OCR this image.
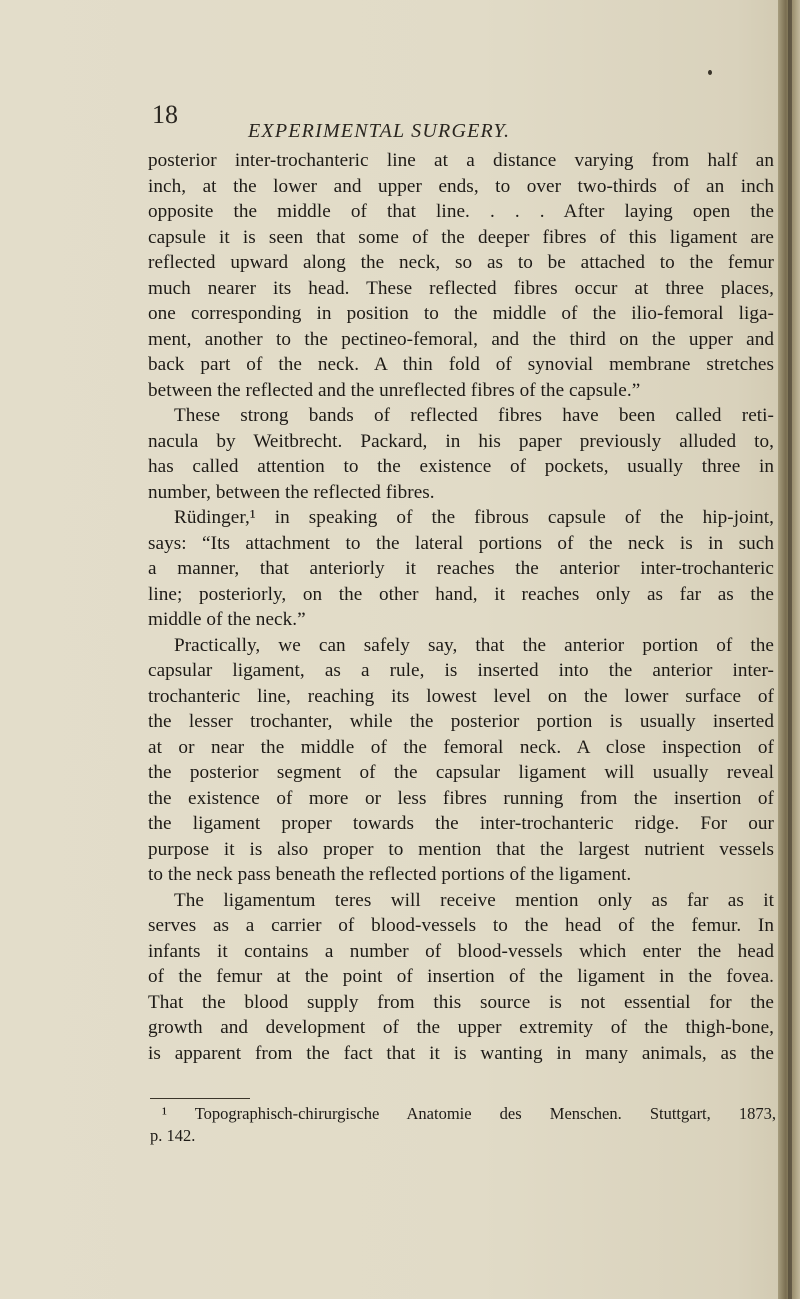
18
EXPERIMENTAL SURGERY.
posterior inter-trochanteric line at a distance varying from half an
inch, at the lower and upper ends, to over two-thirds of an inch
opposite the middle of that line. . . . After laying open the
capsule it is seen that some of the deeper fibres of this ligament are
reflected upward along the neck, so as to be attached to the femur
much nearer its head. These reflected fibres occur at three places,
one corresponding in position to the middle of the ilio-femoral liga-
ment, another to the pectineo-femoral, and the third on the upper and
back part of the neck. A thin fold of synovial membrane stretches
between the reflected and the unreflected fibres of the capsule.”
These strong bands of reflected fibres have been called reti-
nacula by Weitbrecht. Packard, in his paper previously alluded to,
has called attention to the existence of pockets, usually three in
number, between the reflected fibres.
Rüdinger,¹ in speaking of the fibrous capsule of the hip-joint,
says: “Its attachment to the lateral portions of the neck is in such
a manner, that anteriorly it reaches the anterior inter-trochanteric
line; posteriorly, on the other hand, it reaches only as far as the
middle of the neck.”
Practically, we can safely say, that the anterior portion of the
capsular ligament, as a rule, is inserted into the anterior inter-
trochanteric line, reaching its lowest level on the lower surface of
the lesser trochanter, while the posterior portion is usually inserted
at or near the middle of the femoral neck. A close inspection of
the posterior segment of the capsular ligament will usually reveal
the existence of more or less fibres running from the insertion of
the ligament proper towards the inter-trochanteric ridge. For our
purpose it is also proper to mention that the largest nutrient vessels
to the neck pass beneath the reflected portions of the ligament.
The ligamentum teres will receive mention only as far as it
serves as a carrier of blood-vessels to the head of the femur. In
infants it contains a number of blood-vessels which enter the head
of the femur at the point of insertion of the ligament in the fovea.
That the blood supply from this source is not essential for the
growth and development of the upper extremity of the thigh-bone,
is apparent from the fact that it is wanting in many animals, as the
¹ Topographisch-chirurgische Anatomie des Menschen. Stuttgart, 1873,
p. 142.
